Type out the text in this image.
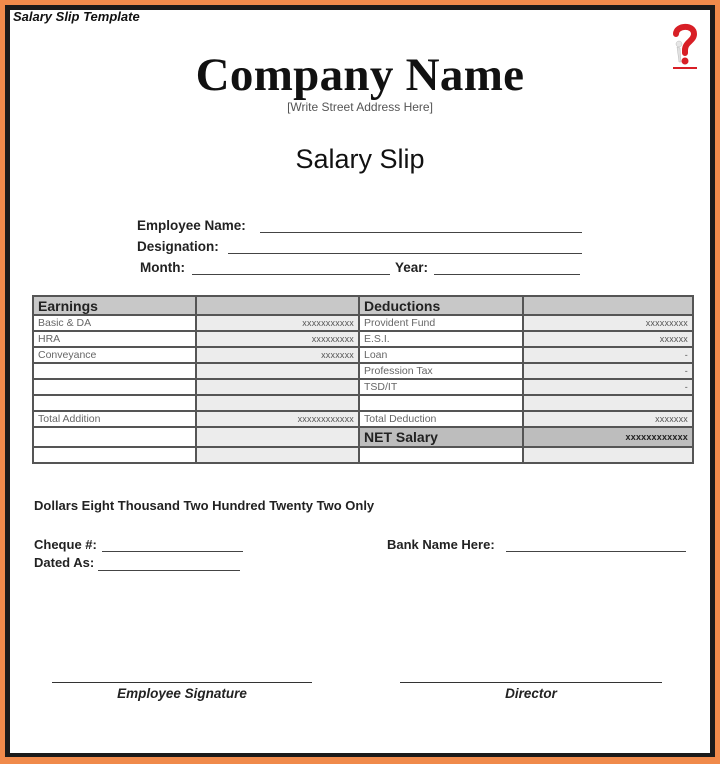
Salary Slip Template
Company Name
[Write Street Address Here]
Salary Slip
Employee Name:
Designation:
Month:	Year:
Earnings		Deductions	
Basic & DA	xxxxxxxxxxx	Provident Fund	xxxxxxxxx
HRA	xxxxxxxxx	E.S.I.	xxxxxx
Conveyance	xxxxxxx	Loan	-
		Profession Tax	-
		TSD/IT	-

Total Addition	xxxxxxxxxxxx	Total Deduction	xxxxxxx
		NET Salary	xxxxxxxxxxxx

Dollars Eight Thousand Two Hundred Twenty Two Only
Cheque #:
Dated As:
Bank Name Here:
Employee Signature	Director
